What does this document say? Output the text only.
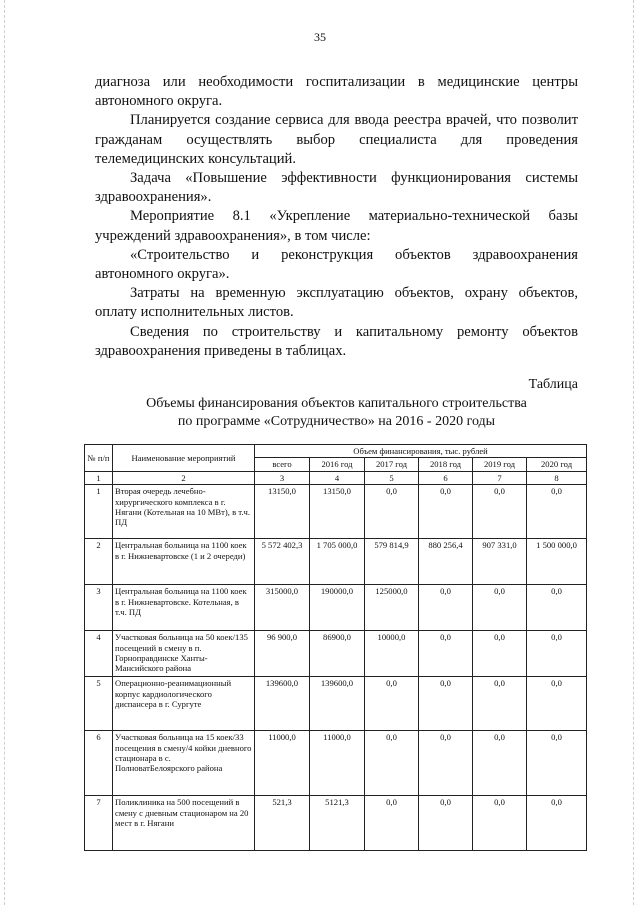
35

диагноза или необходимости госпитализации в медицинские центры автономного округа.

Планируется создание сервиса для ввода реестра врачей, что позволит гражданам осуществлять выбор специалиста для проведения телемедицинских консультаций.

Задача «Повышение эффективности функционирования системы здравоохранения».

Мероприятие 8.1 «Укрепление материально-технической базы учреждений здравоохранения», в том числе:

«Строительство и реконструкция объектов здравоохранения автономного округа».

Затраты на временную эксплуатацию объектов, охрану объектов, оплату исполнительных листов.

Сведения по строительству и капитальному ремонту объектов здравоохранения приведены в таблицах.

Таблица
Объемы финансирования объектов капитального строительства
по программе «Сотрудничество» на 2016 - 2020 годы
№ п/п	Наименование мероприятий	Объем финансирования, тыс. рублей					
		всего	2016 год	2017 год	2018 год	2019 год	2020 год
1	2	3	4	5	6	7	8
1	Вторая очередь лечебно-хирургического комплекса в г. Нягани (Котельная на 10 МВт), в т.ч. ПД	13150,0	13150,0	0,0	0,0	0,0	0,0
2	Центральная больница на 1100 коек в г. Нижневартовске (1 и 2 очереди)	5 572 402,3	1 705 000,0	579 814,9	880 256,4	907 331,0	1 500 000,0
3	Центральная больница на 1100 коек в г. Нижневартовске. Котельная, в т.ч. ПД	315000,0	190000,0	125000,0	0,0	0,0	0,0
4	Участковая больница на 50 коек/135 посещений в смену в п. Горноправдинске Ханты-Мансийского района	96 900,0	86900,0	10000,0	0,0	0,0	0,0
5	Операционно-реанимационный корпус кардиологического диспансера в г. Сургуте	139600,0	139600,0	0,0	0,0	0,0	0,0
6	Участковая больница на 15 коек/33 посещения в смену/4 койки дневного стационара в с. ПолноватБелоярского района	11000,0	11000,0	0,0	0,0	0,0	0,0
7	Поликлиника на 500 посещений в смену с дневным стационаром на 20 мест в г. Нягани	521,3	5121,3	0,0	0,0	0,0	0,0
